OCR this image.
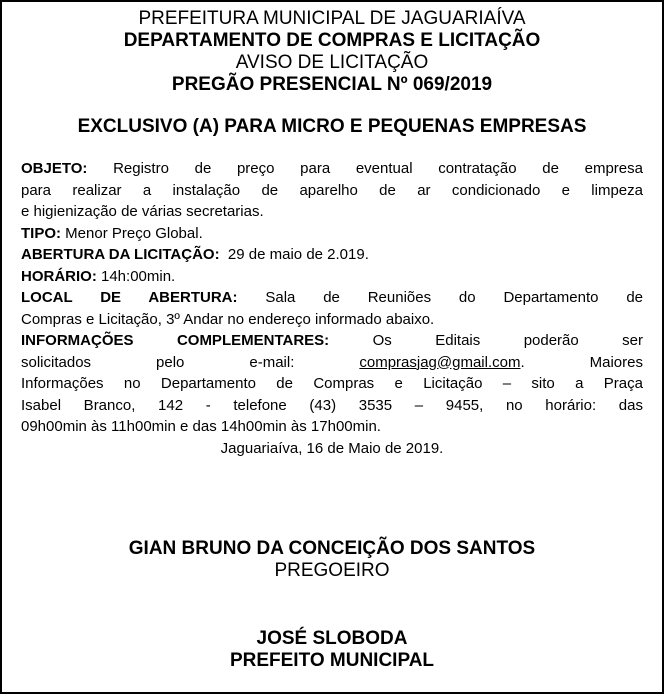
PREFEITURA MUNICIPAL DE JAGUARIAÍVA
DEPARTAMENTO DE COMPRAS E LICITAÇÃO
AVISO DE LICITAÇÃO
PREGÃO PRESENCIAL Nº 069/2019
EXCLUSIVO (A) PARA MICRO E PEQUENAS EMPRESAS
OBJETO: Registro de preço para eventual contratação de empresa
para realizar a instalação de aparelho de ar condicionado e limpeza
e higienização de várias secretarias.
TIPO: Menor Preço Global.
ABERTURA DA LICITAÇÃO:  29 de maio de 2.019.
HORÁRIO: 14h:00min.
LOCAL DE ABERTURA: Sala de Reuniões do Departamento de
Compras e Licitação, 3º Andar no endereço informado abaixo.
INFORMAÇÕES COMPLEMENTARES:	Os Editais poderão ser
solicitados pelo e-mail:	comprasjag@gmail.com. Maiores
Informações no Departamento de Compras e Licitação – sito a Praça
Isabel Branco, 142 - telefone (43) 3535 – 9455, no horário: das
09h00min às 11h00min e das 14h00min às 17h00min.
Jaguariaíva, 16 de Maio de 2019.
GIAN BRUNO DA CONCEIÇÃO DOS SANTOS
PREGOEIRO
JOSÉ SLOBODA
PREFEITO MUNICIPAL
